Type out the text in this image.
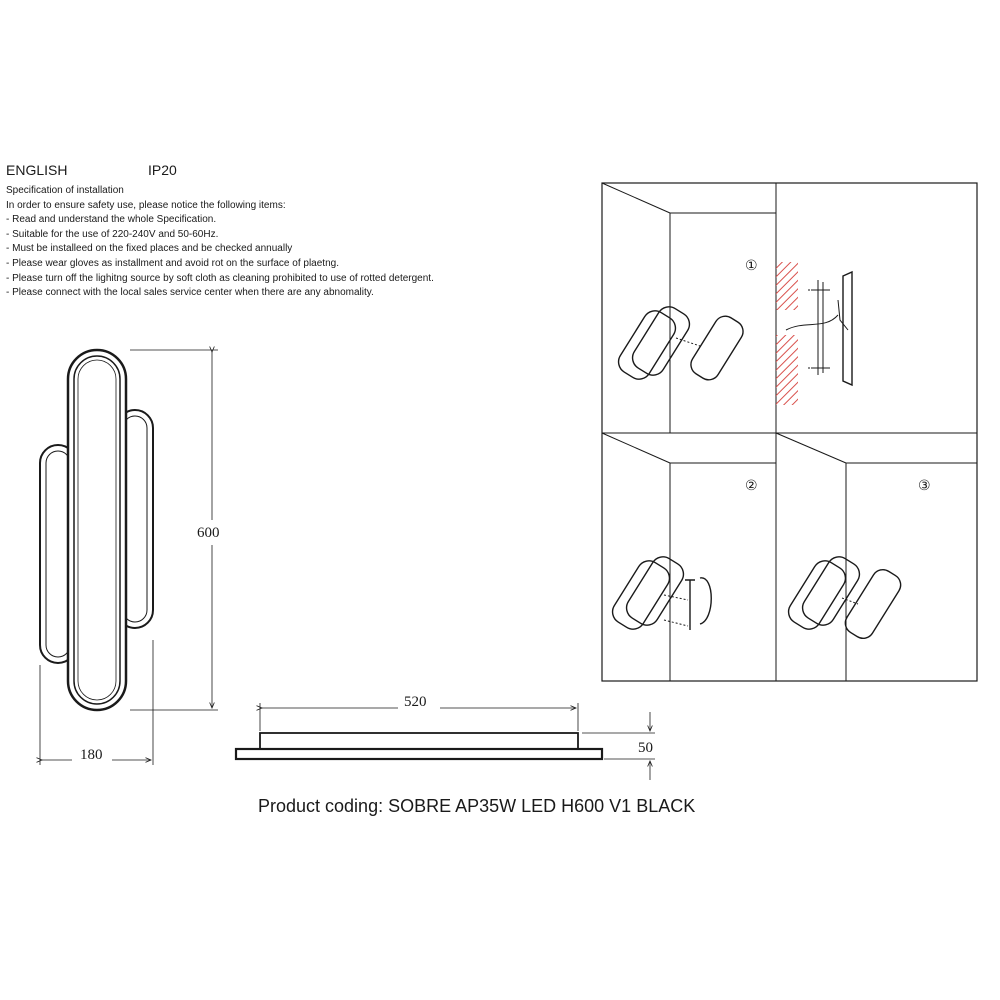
ENGLISH	IP20
Specification of installation
In order to ensure safety use, please notice the following items:
- Read and understand the whole Specification.
- Suitable for the use of 220-240V and 50-60Hz.
- Must be installeed on the fixed places and be checked annually
- Please wear gloves as installment and avoid rot on the surface of plaetng.
- Please turn off the lighitng source by soft cloth as cleaning prohibited to use of rotted detergent.
- Please connect with the local sales service center when there are any abnomality.
600
180
520
50
①
②	③
Product coding: SOBRE AP35W LED H600 V1 BLACK
